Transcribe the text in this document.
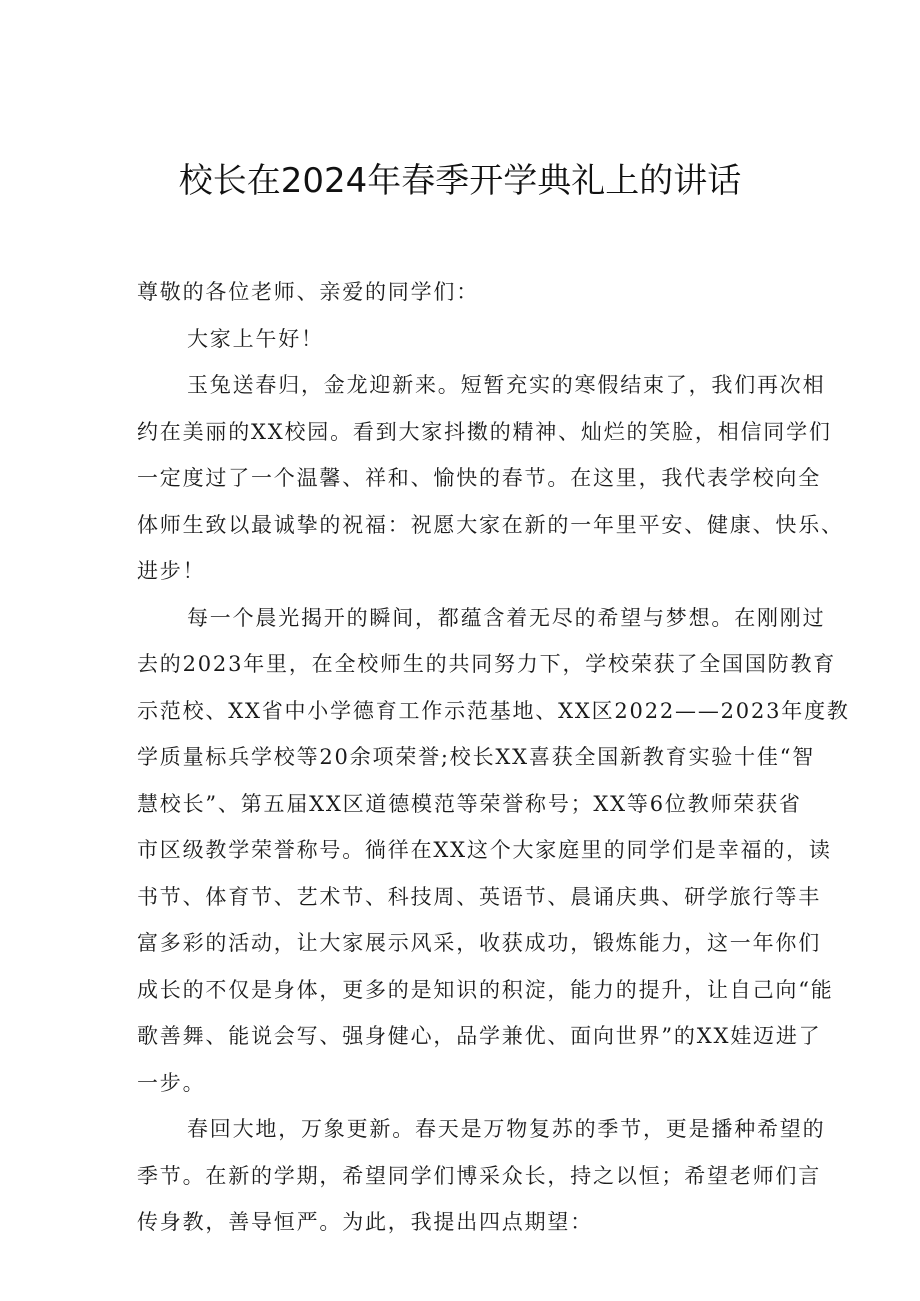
校长在2024年春季开学典礼上的讲话
尊敬的各位老师、亲爱的同学们：
大家上午好！
玉兔送春归，金龙迎新来。短暂充实的寒假结束了，我们再次相
约在美丽的XX校园。看到大家抖擞的精神、灿烂的笑脸，相信同学们
一定度过了一个温馨、祥和、愉快的春节。在这里，我代表学校向全
体师生致以最诚挚的祝福：祝愿大家在新的一年里平安、健康、快乐、
进步！
每一个晨光揭开的瞬间，都蕴含着无尽的希望与梦想。在刚刚过
去的2023年里，在全校师生的共同努力下，学校荣获了全国国防教育
示范校、XX省中小学德育工作示范基地、XX区2022——2023年度教
学质量标兵学校等20余项荣誉;校长XX喜获全国新教育实验十佳“智
慧校长”、第五届XX区道德模范等荣誉称号；XX等6位教师荣获省
市区级教学荣誉称号。徜徉在XX这个大家庭里的同学们是幸福的，读
书节、体育节、艺术节、科技周、英语节、晨诵庆典、研学旅行等丰
富多彩的活动，让大家展示风采，收获成功，锻炼能力，这一年你们
成长的不仅是身体，更多的是知识的积淀，能力的提升，让自己向“能
歌善舞、能说会写、强身健心，品学兼优、面向世界”的XX娃迈进了
一步。
春回大地，万象更新。春天是万物复苏的季节，更是播种希望的
季节。在新的学期，希望同学们博采众长，持之以恒；希望老师们言
传身教，善导恒严。为此，我提出四点期望：
